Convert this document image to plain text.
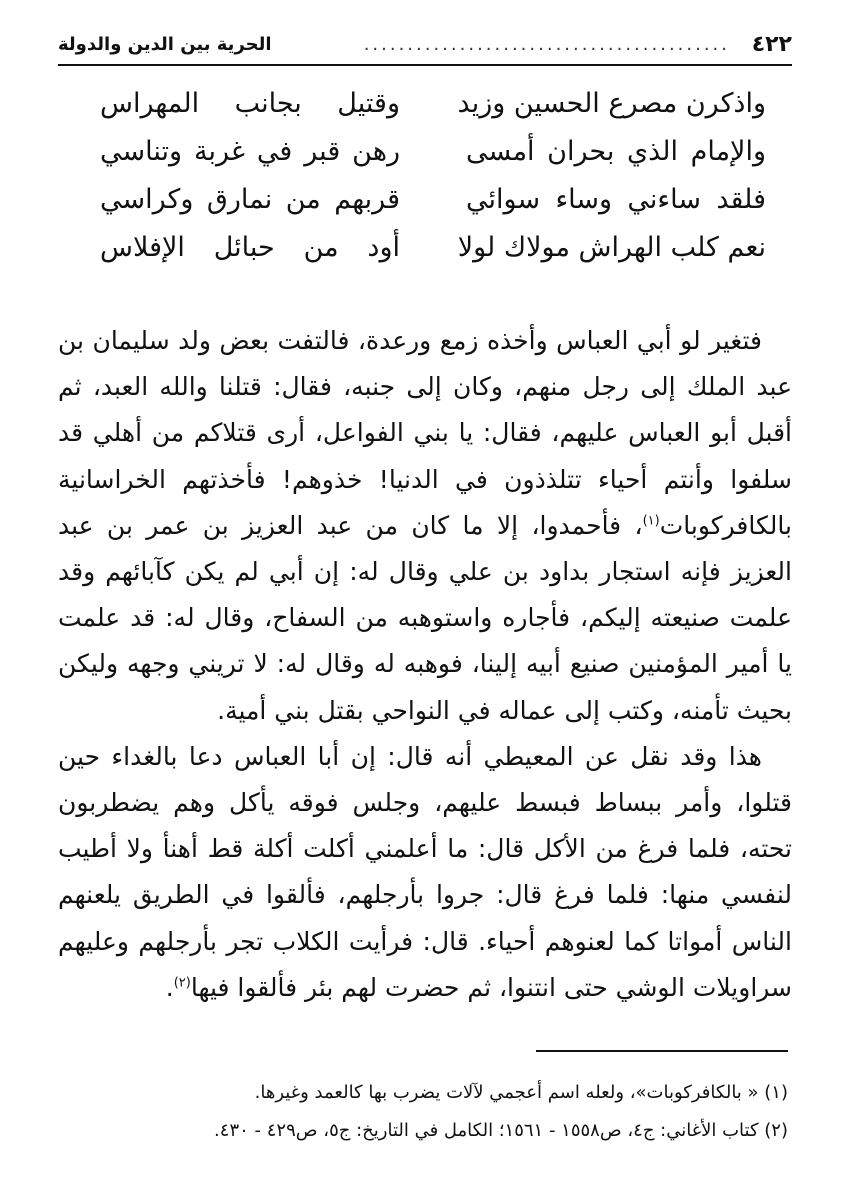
٤٢٢
..........................................
الحرية بين الدين والدولة
واذكرن مصرع الحسين وزيد
وقتيل بجانب المهراس
والإمام الذي بحران أمسى
رهن قبر في غربة وتناسي
فلقد ساءني وساء سوائي
قربهم من نمارق وكراسي
نعم كلب الهراش مولاك لولا
أود من حبائل الإفلاس

فتغير لو أبي العباس وأخذه زمع ورعدة، فالتفت بعض ولد سليمان بن عبد الملك إلى رجل منهم، وكان إلى جنبه، فقال: قتلنا والله العبد، ثم أقبل أبو العباس عليهم، فقال: يا بني الفواعل، أرى قتلاكم من أهلي قد سلفوا وأنتم أحياء تتلذذون في الدنيا! خذوهم! فأخذتهم الخراسانية بالكافركوبات$^{(١)}$، فأحمدوا، إلا ما كان من عبد العزيز بن عمر بن عبد العزيز فإنه استجار بداود بن علي وقال له: إن أبي لم يكن كآبائهم وقد علمت صنيعته إليكم، فأجاره واستوهبه من السفاح، وقال له: قد علمت يا أمير المؤمنين صنيع أبيه إلينا، فوهبه له وقال له: لا تريني وجهه وليكن بحيث تأمنه، وكتب إلى عماله في النواحي بقتل بني أمية.

هذا وقد نقل عن المعيطي أنه قال: إن أبا العباس دعا بالغداء حين قتلوا، وأمر ببساط فبسط عليهم، وجلس فوقه يأكل وهم يضطربون تحته، فلما فرغ من الأكل قال: ما أعلمني أكلت أكلة قط أهنأ ولا أطيب لنفسي منها: فلما فرغ قال: جروا بأرجلهم، فألقوا في الطريق يلعنهم الناس أمواتا كما لعنوهم أحياء. قال: فرأيت الكلاب تجر بأرجلهم وعليهم سراويلات الوشي حتى انتنوا، ثم حضرت لهم بئر فألقوا فيها$^{(٢)}$.

(١) « بالكافركوبات»، ولعله اسم أعجمي لآلات يضرب بها كالعمد وغيرها.
(٢) كتاب الأغاني: ج٤، ص١٥٥٨ - ١٥٦١؛ الكامل في التاريخ: ج٥، ص٤٢٩ - ٤٣٠.
